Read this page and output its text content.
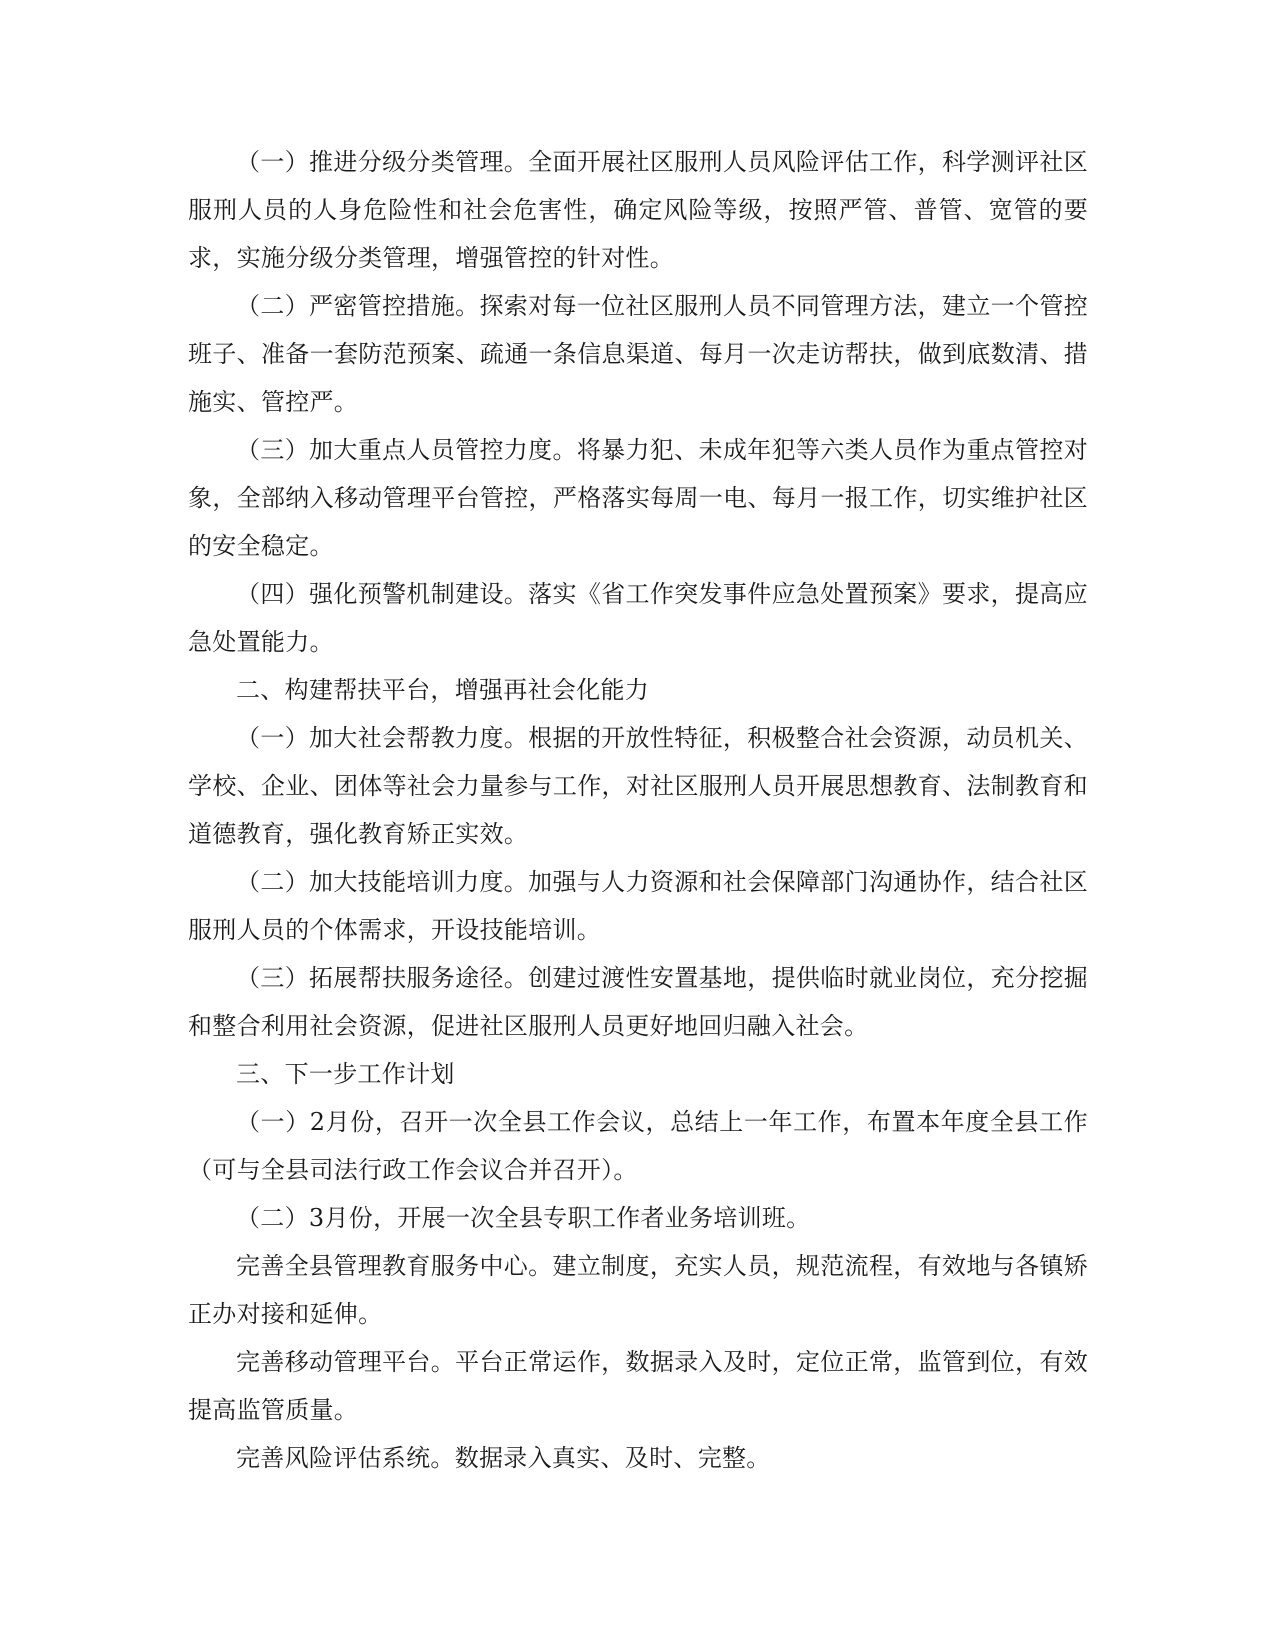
（一）推进分级分类管理。全面开展社区服刑人员风险评估工作，科学测评社区服刑人员的人身危险性和社会危害性，确定风险等级，按照严管、普管、宽管的要求，实施分级分类管理，增强管控的针对性。

（二）严密管控措施。探索对每一位社区服刑人员不同管理方法，建立一个管控班子、准备一套防范预案、疏通一条信息渠道、每月一次走访帮扶，做到底数清、措施实、管控严。

（三）加大重点人员管控力度。将暴力犯、未成年犯等六类人员作为重点管控对象，全部纳入移动管理平台管控，严格落实每周一电、每月一报工作，切实维护社区的安全稳定。

（四）强化预警机制建设。落实《省工作突发事件应急处置预案》要求，提高应急处置能力。

二、构建帮扶平台，增强再社会化能力

（一）加大社会帮教力度。根据的开放性特征，积极整合社会资源，动员机关、学校、企业、团体等社会力量参与工作，对社区服刑人员开展思想教育、法制教育和道德教育，强化教育矫正实效。

（二）加大技能培训力度。加强与人力资源和社会保障部门沟通协作，结合社区服刑人员的个体需求，开设技能培训。

（三）拓展帮扶服务途径。创建过渡性安置基地，提供临时就业岗位，充分挖掘和整合利用社会资源，促进社区服刑人员更好地回归融入社会。

三、下一步工作计划

（一）2月份，召开一次全县工作会议，总结上一年工作，布置本年度全县工作（可与全县司法行政工作会议合并召开）。

（二）3月份，开展一次全县专职工作者业务培训班。

完善全县管理教育服务中心。建立制度，充实人员，规范流程，有效地与各镇矫正办对接和延伸。

完善移动管理平台。平台正常运作，数据录入及时，定位正常，监管到位，有效提高监管质量。

完善风险评估系统。数据录入真实、及时、完整。
